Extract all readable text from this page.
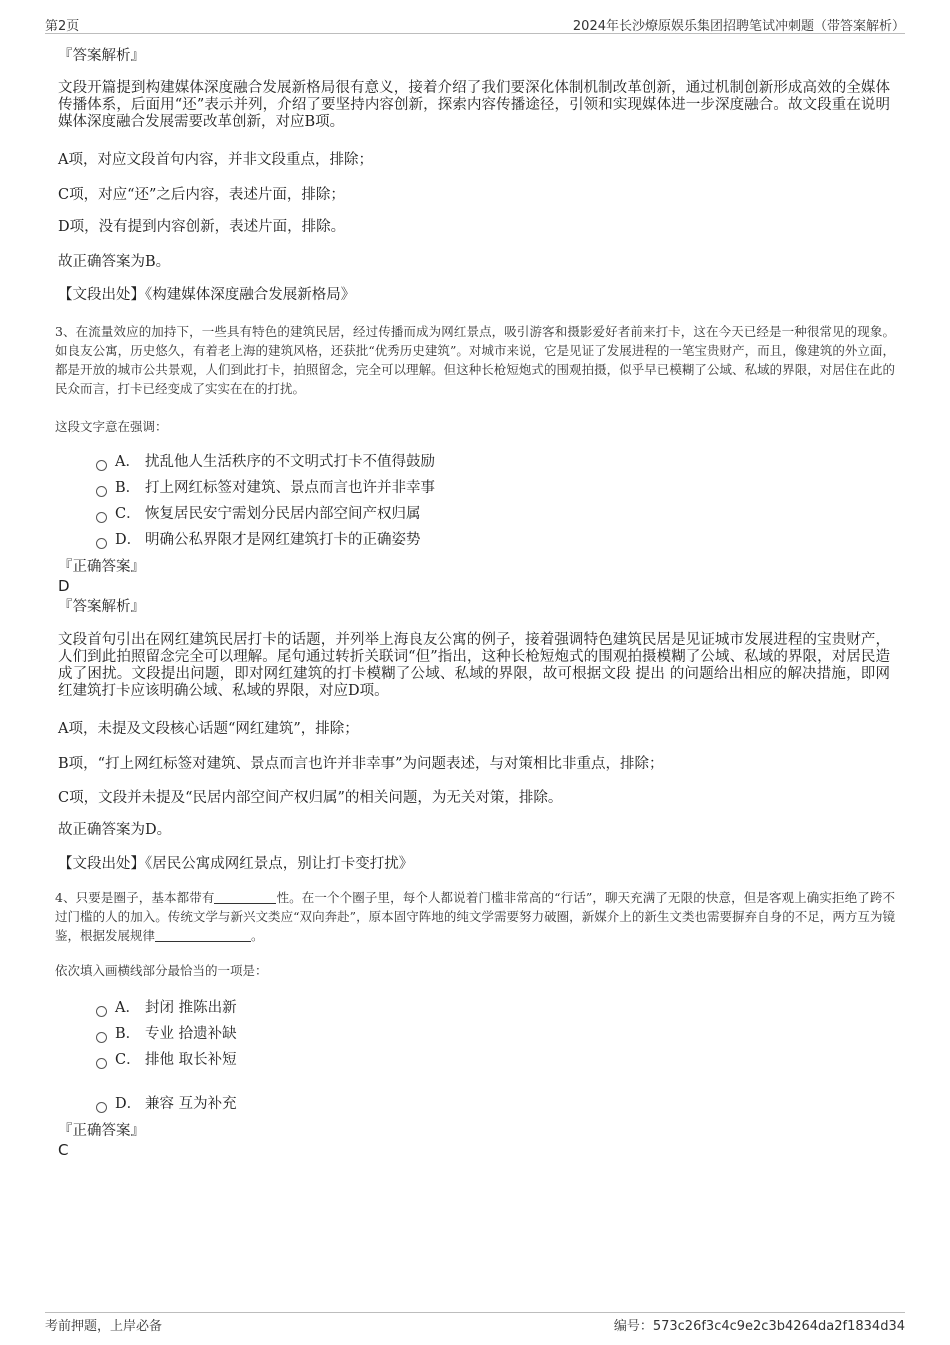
第2页	2024年长沙燎原娱乐集团招聘笔试冲刺题（带答案解析）
『答案解析』
文段开篇提到构建媒体深度融合发展新格局很有意义，接着介绍了我们要深化体制机制改革创新，通过机制创新形成高效的全媒体传播体系，后面用“还”表示并列，介绍了要坚持内容创新，探索内容传播途径，引领和实现媒体进一步深度融合。故文段重在说明媒体深度融合发展需要改革创新，对应B项。
A项，对应文段首句内容，并非文段重点，排除；
C项，对应“还”之后内容，表述片面，排除；
D项，没有提到内容创新，表述片面，排除。
故正确答案为B。
【文段出处】《构建媒体深度融合发展新格局》
3、在流量效应的加持下，一些具有特色的建筑民居，经过传播而成为网红景点，吸引游客和摄影爱好者前来打卡，这在今天已经是一种很常见的现象。如良友公寓，历史悠久，有着老上海的建筑风格，还获批“优秀历史建筑”。对城市来说，它是见证了发展进程的一笔宝贵财产，而且，像建筑的外立面，都是开放的城市公共景观，人们到此打卡，拍照留念，完全可以理解。但这种长枪短炮式的围观拍摄，似乎早已模糊了公域、私域的界限，对居住在此的民众而言，打卡已经变成了实实在在的打扰。
这段文字意在强调：
A． 扰乱他人生活秩序的不文明式打卡不值得鼓励
B． 打上网红标签对建筑、景点而言也许并非幸事
C． 恢复居民安宁需划分民居内部空间产权归属
D． 明确公私界限才是网红建筑打卡的正确姿势
『正确答案』
D
『答案解析』
文段首句引出在网红建筑民居打卡的话题，并列举上海良友公寓的例子，接着强调特色建筑民居是见证城市发展进程的宝贵财产，人们到此拍照留念完全可以理解。尾句通过转折关联词“但”指出，这种长枪短炮式的围观拍摄模糊了公域、私域的界限，对居民造成了困扰。文段提出问题，即对网红建筑的打卡模糊了公域、私域的界限，故可根据文段 提出 的问题给出相应的解决措施，即网红建筑打卡应该明确公域、私域的界限，对应D项。
A项，未提及文段核心话题“网红建筑”，排除；
B项，“打上网红标签对建筑、景点而言也许并非幸事”为问题表述，与对策相比非重点，排除；
C项，文段并未提及“民居内部空间产权归属”的相关问题，为无关对策，排除。
故正确答案为D。
【文段出处】《居民公寓成网红景点，别让打卡变打扰》
4、只要是圈子，基本都带有	性。在一个个圈子里，每个人都说着门槛非常高的“行话”，聊天充满了无限的快意，但是客观上确实拒绝了跨不过门槛的人的加入。传统文学与新兴文类应“双向奔赴”，原本固守阵地的纯文学需要努力破圈，新媒介上的新生文类也需要摒弃自身的不足，两方互为镜鉴，根据发展规律	。
依次填入画横线部分最恰当的一项是：
A． 封闭 推陈出新
B． 专业 拾遗补缺
C． 排他 取长补短
D． 兼容 互为补充
『正确答案』
C
考前押题，上岸必备	编号：573c26f3c4c9e2c3b4264da2f1834d34
